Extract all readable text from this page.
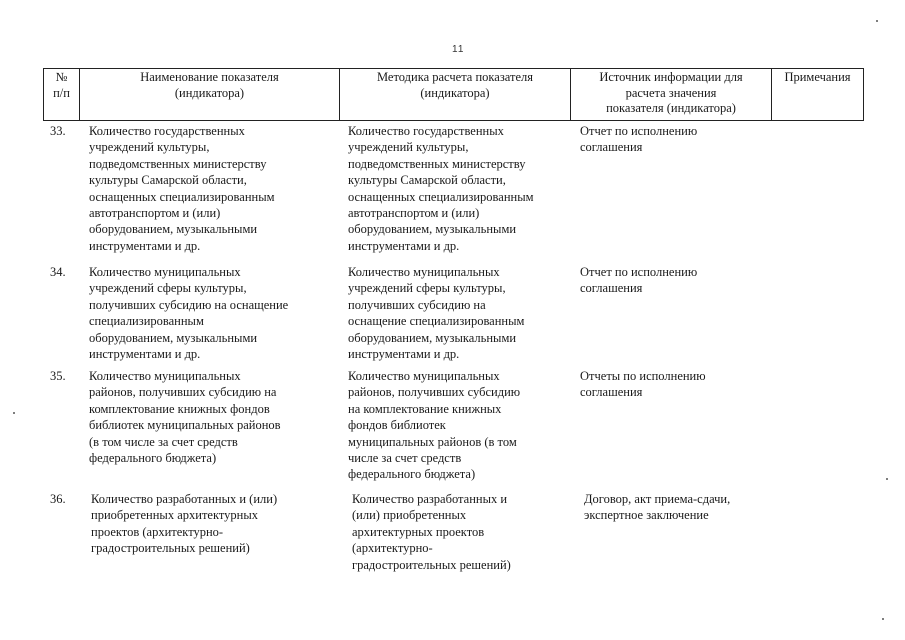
11
№
п/п
Наименование показателя
(индикатора)
Методика расчета показателя
(индикатора)
Источник информации для
расчета значения
показателя (индикатора)
Примечания
33. Количество государственных
учреждений культуры,
подведомственных министерству
культуры Самарской области,
оснащенных специализированным
автотранспортом и (или)
оборудованием, музыкальными
инструментами и др.
Количество государственных
учреждений культуры,
подведомственных министерству
культуры Самарской области,
оснащенных специализированным
автотранспортом и (или)
оборудованием, музыкальными
инструментами и др.
Отчет по исполнению
соглашения
34. Количество муниципальных
учреждений сферы культуры,
получивших субсидию на оснащение
специализированным
оборудованием, музыкальными
инструментами и др.
Количество муниципальных
учреждений сферы культуры,
получивших субсидию на
оснащение специализированным
оборудованием, музыкальными
инструментами и др.
Отчет по исполнению
соглашения
35. Количество муниципальных
районов, получивших субсидию на
комплектование книжных фондов
библиотек муниципальных районов
(в том числе за счет средств
федерального бюджета)
Количество муниципальных
районов, получивших субсидию
на комплектование книжных
фондов библиотек
муниципальных районов (в том
числе за счет средств
федерального бюджета)
Отчеты по исполнению
соглашения
36. Количество разработанных и (или)
приобретенных архитектурных
проектов (архитектурно-
градостроительных решений)
Количество разработанных и
(или) приобретенных
архитектурных проектов
(архитектурно-
градостроительных решений)
Договор, акт приема-сдачи,
экспертное заключение
